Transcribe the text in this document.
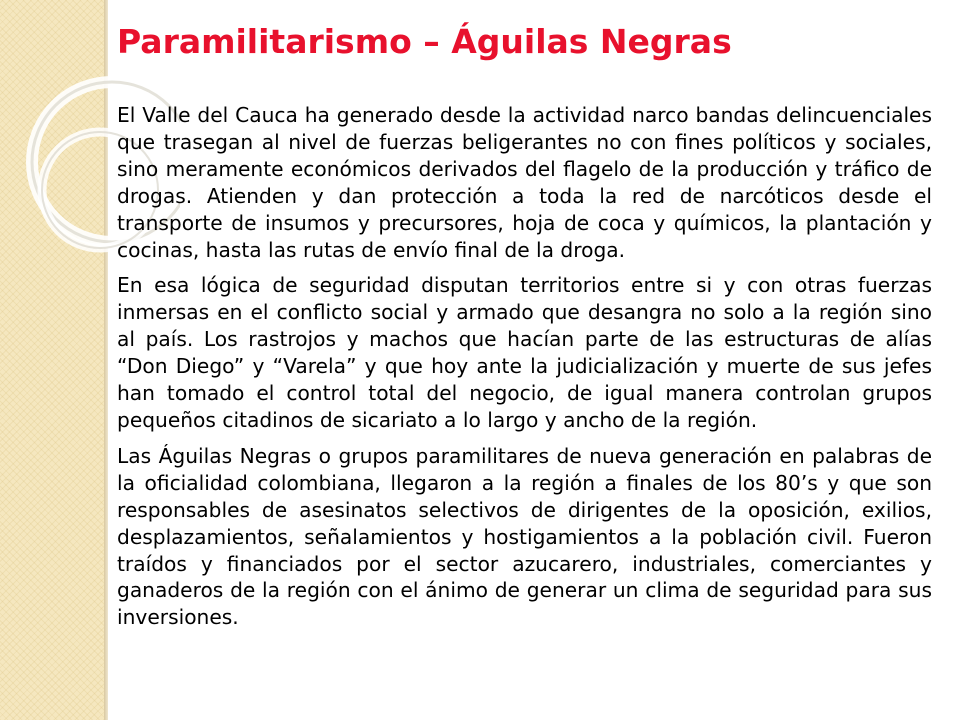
Paramilitarismo – Águilas Negras

El Valle del Cauca ha generado desde la actividad narco bandas delincuenciales que trasegan al nivel de fuerzas beligerantes no con fines políticos y sociales, sino meramente económicos derivados del flagelo de la producción y tráfico de drogas. Atienden y dan protección a toda la red de narcóticos desde el transporte de insumos y precursores, hoja de coca y químicos, la plantación y cocinas, hasta las rutas de envío final de la droga.

En esa lógica de seguridad disputan territorios entre si y con otras fuerzas inmersas en el conflicto social y armado que desangra no solo a la región sino al país. Los rastrojos y machos que hacían parte de las estructuras de alías “Don Diego” y “Varela” y que hoy ante la judicialización y muerte de sus jefes han tomado el control total del negocio, de igual manera controlan grupos pequeños citadinos de sicariato a lo largo y ancho de la región.

Las Águilas Negras o grupos paramilitares de nueva generación en palabras de la oficialidad colombiana, llegaron a la región a finales de los 80’s y que son responsables de asesinatos selectivos de dirigentes de la oposición, exilios, desplazamientos, señalamientos y hostigamientos a la población civil. Fueron traídos y financiados por el sector azucarero, industriales, comerciantes y ganaderos de la región con el ánimo de generar un clima de seguridad para sus inversiones.
